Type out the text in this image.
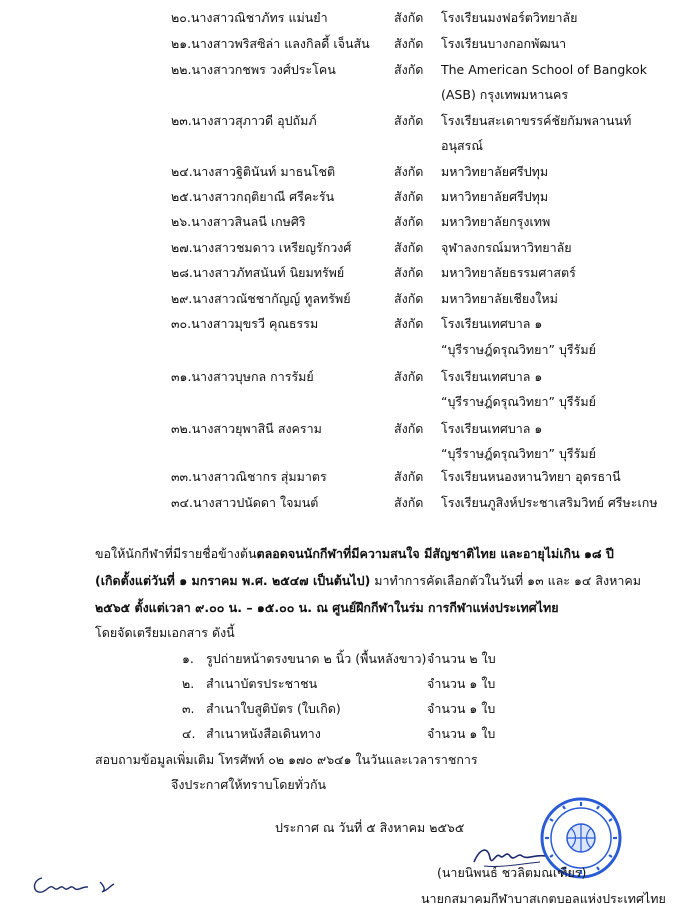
๒๐.นางสาวณิชาภัทร แม่นยำ	สังกัด โรงเรียนมงฟอร์ตวิทยาลัย
๒๑.นางสาวพริสซิล่า แลงกิลดี้ เจ็นสัน สังกัด โรงเรียนบางกอกพัฒนา
๒๒.นางสาวกชพร วงศ์ประโคน	สังกัด The American School of Bangkok
(ASB) กรุงเทพมหานคร
๒๓.นางสาวสุภาวดี อุปถัมภ์	สังกัด โรงเรียนสะเดาขรรค์ชัยกัมพลานนท์
อนุสรณ์
๒๔.นางสาวฐิตินันท์ มาธนโชติ	สังกัด มหาวิทยาลัยศรีปทุม
๒๕.นางสาวกฤติยาณี ศรีคะรัน	สังกัด มหาวิทยาลัยศรีปทุม
๒๖.นางสาวสินลนี เกษศิริ	สังกัด มหาวิทยาลัยกรุงเทพ
๒๗.นางสาวชมดาว เหรียญรักวงศ์	สังกัด จุฬาลงกรณ์มหาวิทยาลัย
๒๘.นางสาวภัทสนันท์ นิยมทรัพย์	สังกัด มหาวิทยาลัยธรรมศาสตร์
๒๙.นางสาวณัชชากัญญ์ ทูลทรัพย์	สังกัด มหาวิทยาลัยเชียงใหม่
๓๐.นางสาวมุขรวี คุณธรรม	สังกัด โรงเรียนเทศบาล ๑
“บุรีราษฎ์ดรุณวิทยา” บุรีรัมย์
๓๑.นางสาวบุษกล การรัมย์	สังกัด โรงเรียนเทศบาล ๑
“บุรีราษฎ์ดรุณวิทยา” บุรีรัมย์
๓๒.นางสาวยุพาสินี สงคราม	สังกัด โรงเรียนเทศบาล ๑
“บุรีราษฎ์ดรุณวิทยา” บุรีรัมย์
๓๓.นางสาวณิชากร สุ่มมาตร	สังกัด โรงเรียนหนองหานวิทยา อุดรธานี
๓๔.นางสาวปนัดดา ใจมนต์	สังกัด โรงเรียนภูสิงห์ประชาเสริมวิทย์ ศรีษะเกษ
ขอให้นักกีฬาที่มีรายชื่อข้างต้นตลอดจนนักกีฬาที่มีความสนใจ มีสัญชาติไทย และอายุไม่เกิน ๑๘ ปี
(เกิดตั้งแต่วันที่ ๑ มกราคม พ.ศ. ๒๕๔๗ เป็นต้นไป) มาทำการคัดเลือกตัวในวันที่ ๑๓ และ ๑๔ สิงหาคม
๒๕๖๕ ตั้งแต่เวลา ๙.๐๐ น. – ๑๕.๐๐ น. ณ ศูนย์ฝึกกีฬาในร่ม การกีฬาแห่งประเทศไทย
โดยจัดเตรียมเอกสาร ดังนี้
๑. รูปถ่ายหน้าตรงขนาด ๒ นิ้ว (พื้นหลังขาว) จำนวน ๒ ใบ
๒. สำเนาบัตรประชาชน	จำนวน ๑ ใบ
๓. สำเนาใบสูติบัตร (ใบเกิด)	จำนวน ๑ ใบ
๔. สำเนาหนังสือเดินทาง	จำนวน ๑ ใบ
สอบถามข้อมูลเพิ่มเติม โทรศัพท์ ๐๒ ๑๗๐ ๙๖๔๑ ในวันและเวลาราชการ
จึงประกาศให้ทราบโดยทั่วกัน
ประกาศ ณ วันที่ ๕ สิงหาคม ๒๕๖๕
(นายนิพนธ์ ชวลิตมณเฑียร)
นายกสมาคมกีฬาบาสเกตบอลแห่งประเทศไทย
